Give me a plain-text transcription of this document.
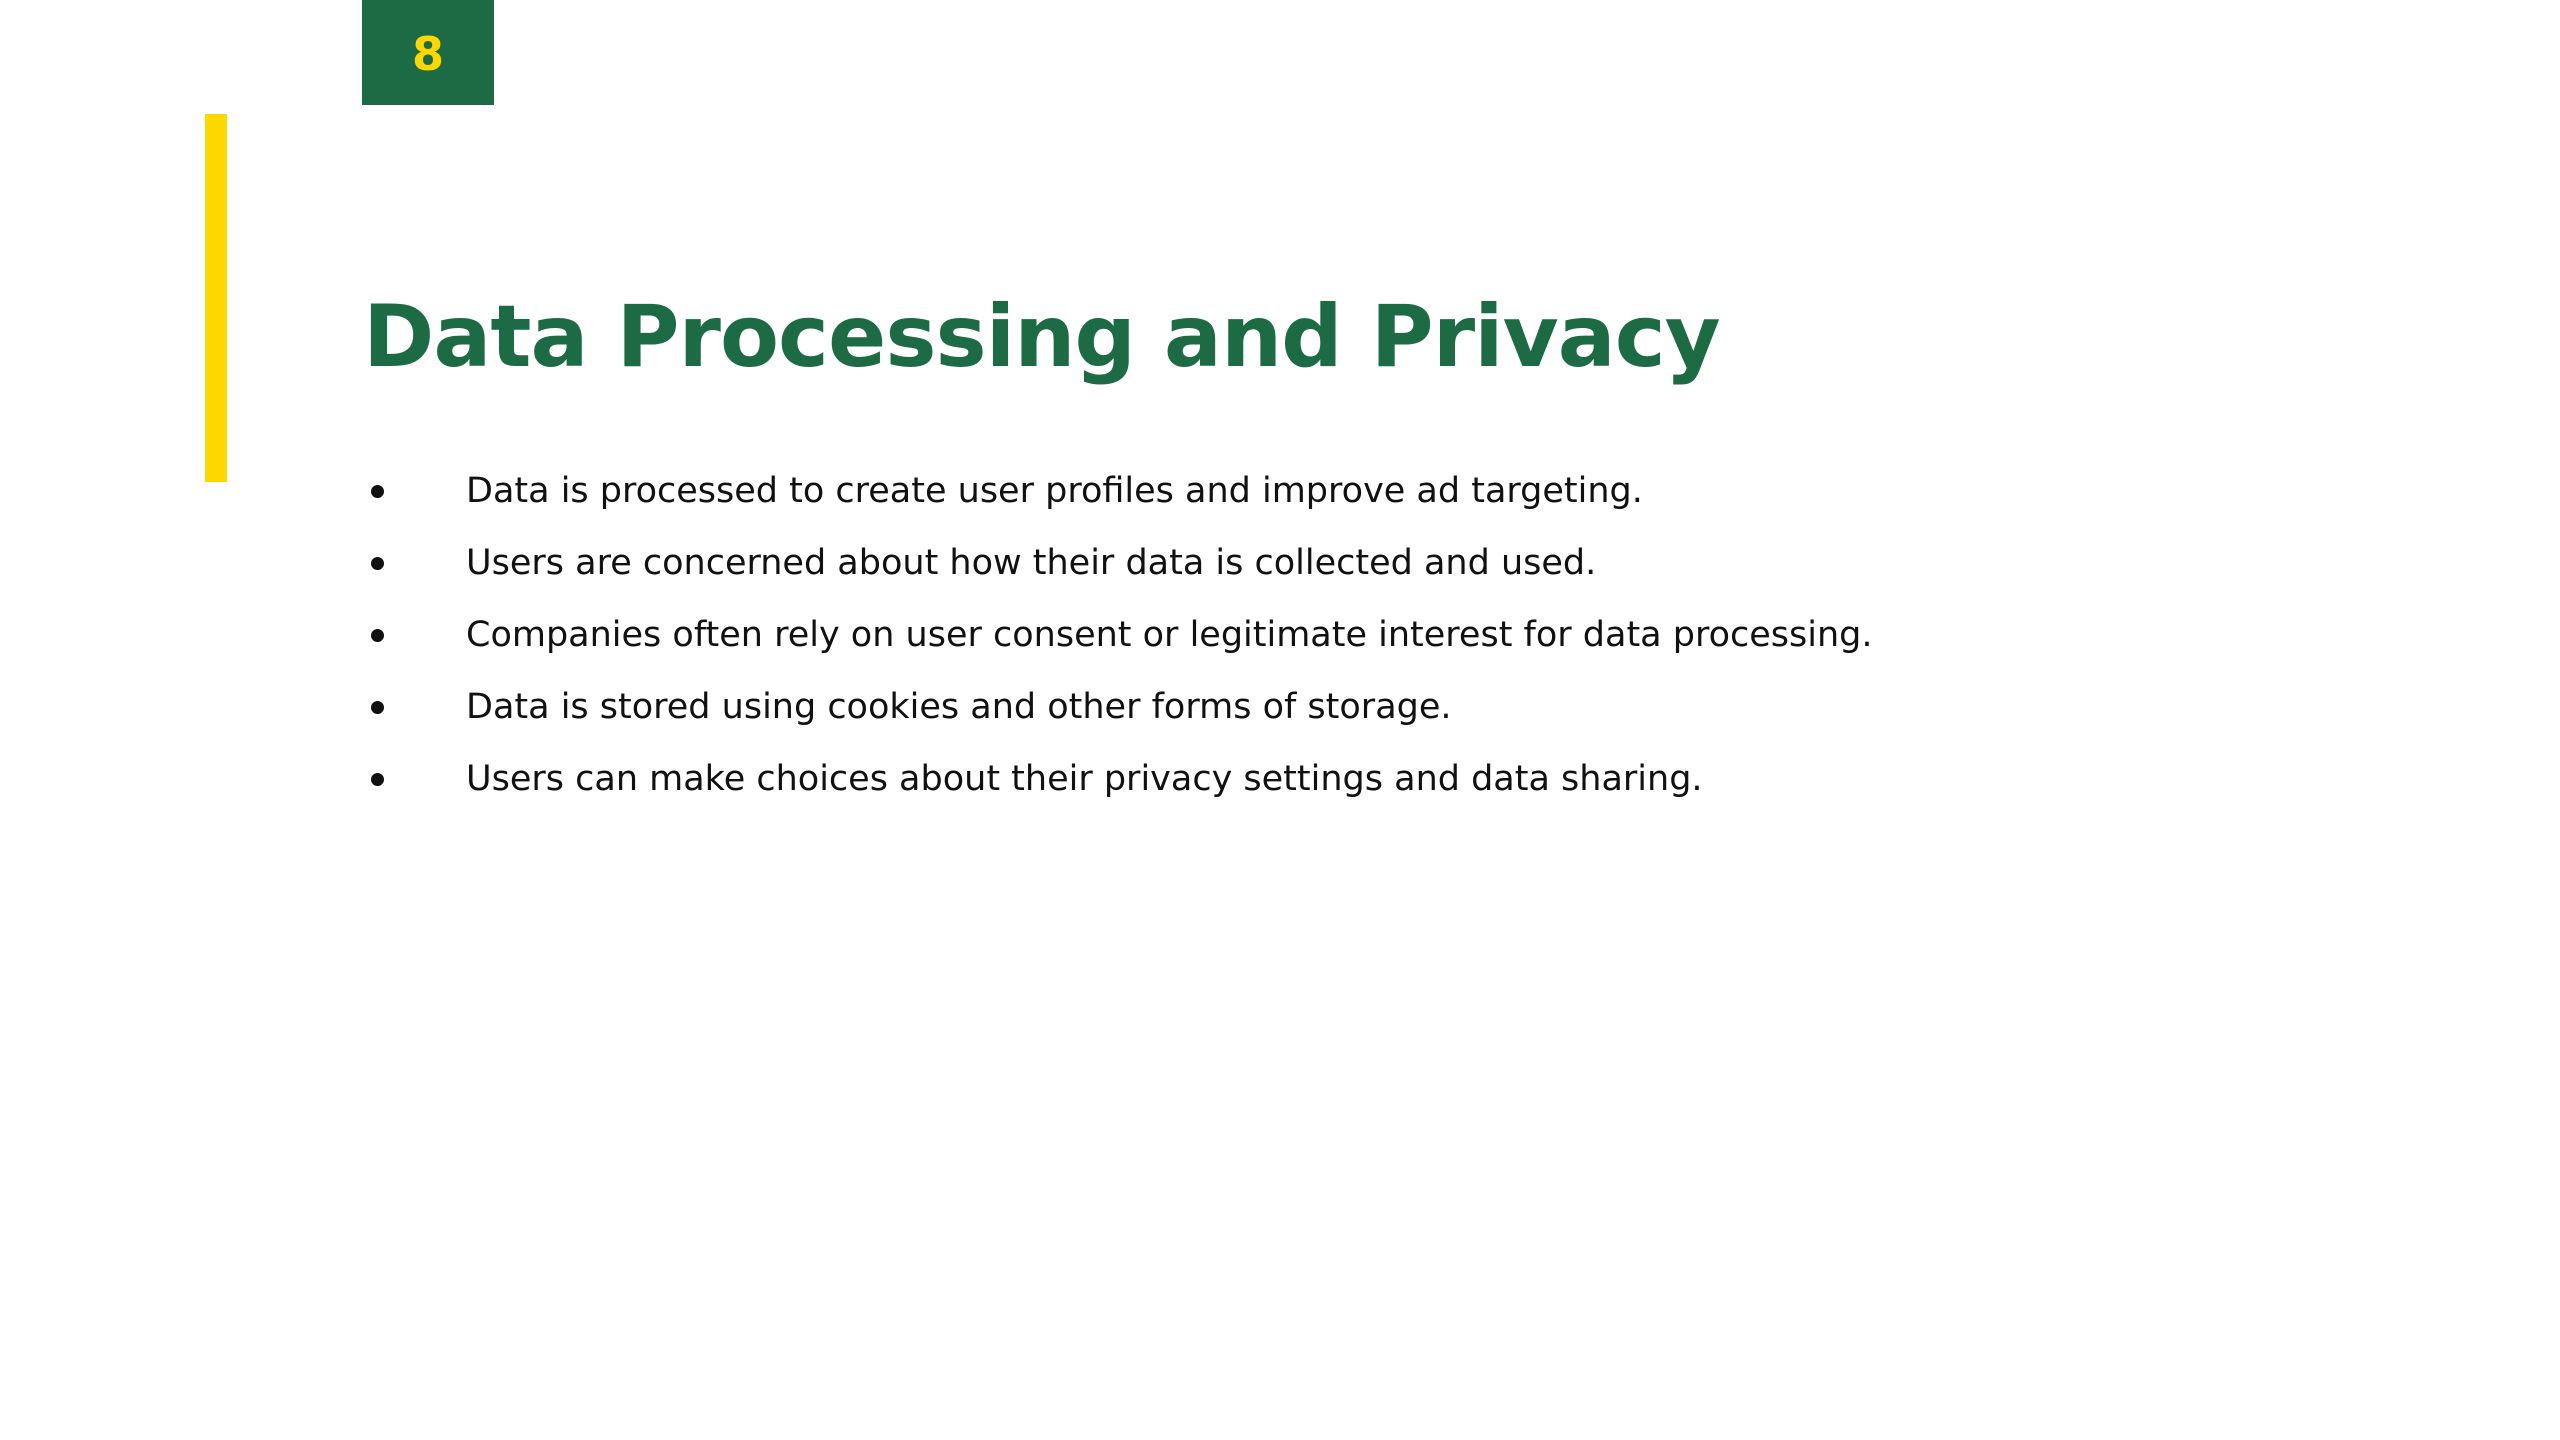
8
Data Processing and Privacy
Data is processed to create user profiles and improve ad targeting.
Users are concerned about how their data is collected and used.
Companies often rely on user consent or legitimate interest for data processing.
Data is stored using cookies and other forms of storage.
Users can make choices about their privacy settings and data sharing.
